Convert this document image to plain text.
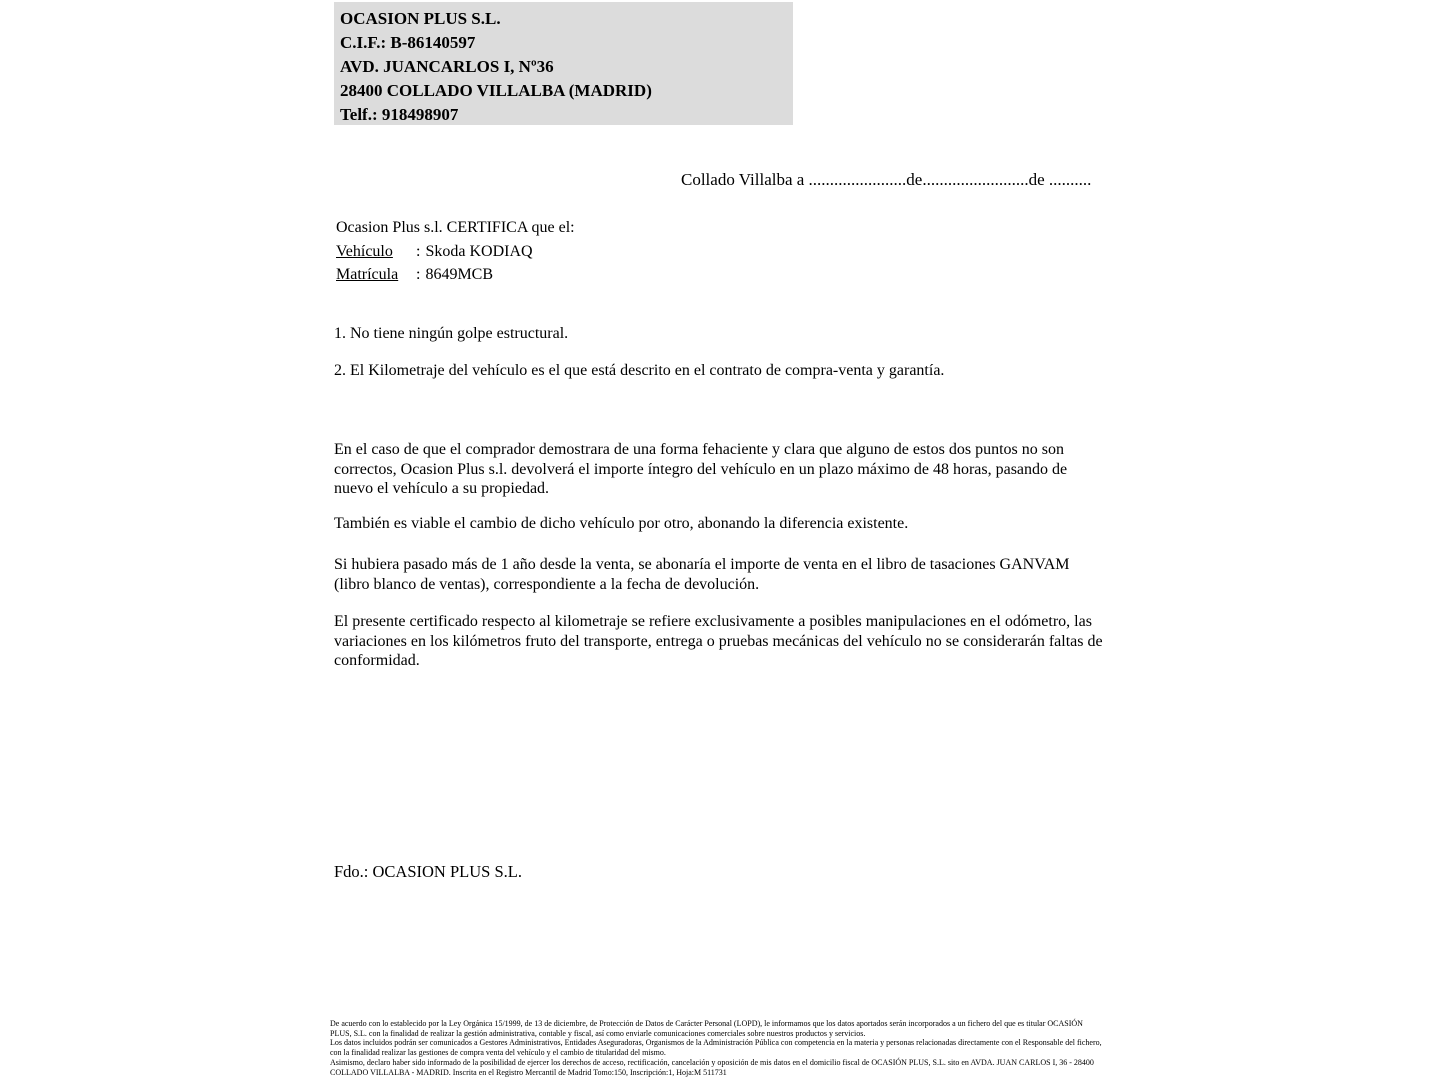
OCASION PLUS S.L.
C.I.F.: B-86140597
AVD. JUANCARLOS I, Nº36
28400 COLLADO VILLALBA (MADRID)
Telf.: 918498907
Collado Villalba a .......................de.........................de ..........
Ocasion Plus s.l. CERTIFICA que el:
Vehículo : Skoda KODIAQ
Matrícula : 8649MCB
1. No tiene ningún golpe estructural.
2. El Kilometraje del vehículo es el que está descrito en el contrato de compra-venta y garantía.
En el caso de que el comprador demostrara de una forma fehaciente y clara que alguno de estos dos puntos no son correctos, Ocasion Plus s.l. devolverá el importe íntegro del vehículo en un plazo máximo de 48 horas, pasando de nuevo el vehículo a su propiedad.
También es viable el cambio de dicho vehículo por otro, abonando la diferencia existente.
Si hubiera pasado más de 1 año desde la venta, se abonaría el importe de venta en el libro de tasaciones GANVAM (libro blanco de ventas), correspondiente a la fecha de devolución.
El presente certificado respecto al kilometraje se refiere exclusivamente a posibles manipulaciones en el odómetro, las variaciones en los kilómetros fruto del transporte, entrega o pruebas mecánicas del vehículo no se considerarán faltas de conformidad.
Fdo.: OCASION PLUS S.L.
De acuerdo con lo establecido por la Ley Orgánica 15/1999, de 13 de diciembre, de Protección de Datos de Carácter Personal (LOPD), le informamos que los datos aportados serán incorporados a un fichero del que es titular OCASIÓN PLUS, S.L. con la finalidad de realizar la gestión administrativa, contable y fiscal, así como enviarle comunicaciones comerciales sobre nuestros productos y servicios.
Los datos incluidos podrán ser comunicados a Gestores Administrativos, Entidades Aseguradoras, Organismos de la Administración Pública con competencia en la materia y personas relacionadas directamente con el Responsable del fichero, con la finalidad realizar las gestiones de compra venta del vehículo y el cambio de titularidad del mismo.
Asimismo, declaro haber sido informado de la posibilidad de ejercer los derechos de acceso, rectificación, cancelación y oposición de mis datos en el domicilio fiscal de OCASIÓN PLUS, S.L. sito en AVDA. JUAN CARLOS I, 36 - 28400 COLLADO VILLALBA - MADRID. Inscrita en el Registro Mercantil de Madrid Tomo:150, Inscripción:1, Hoja:M 511731
